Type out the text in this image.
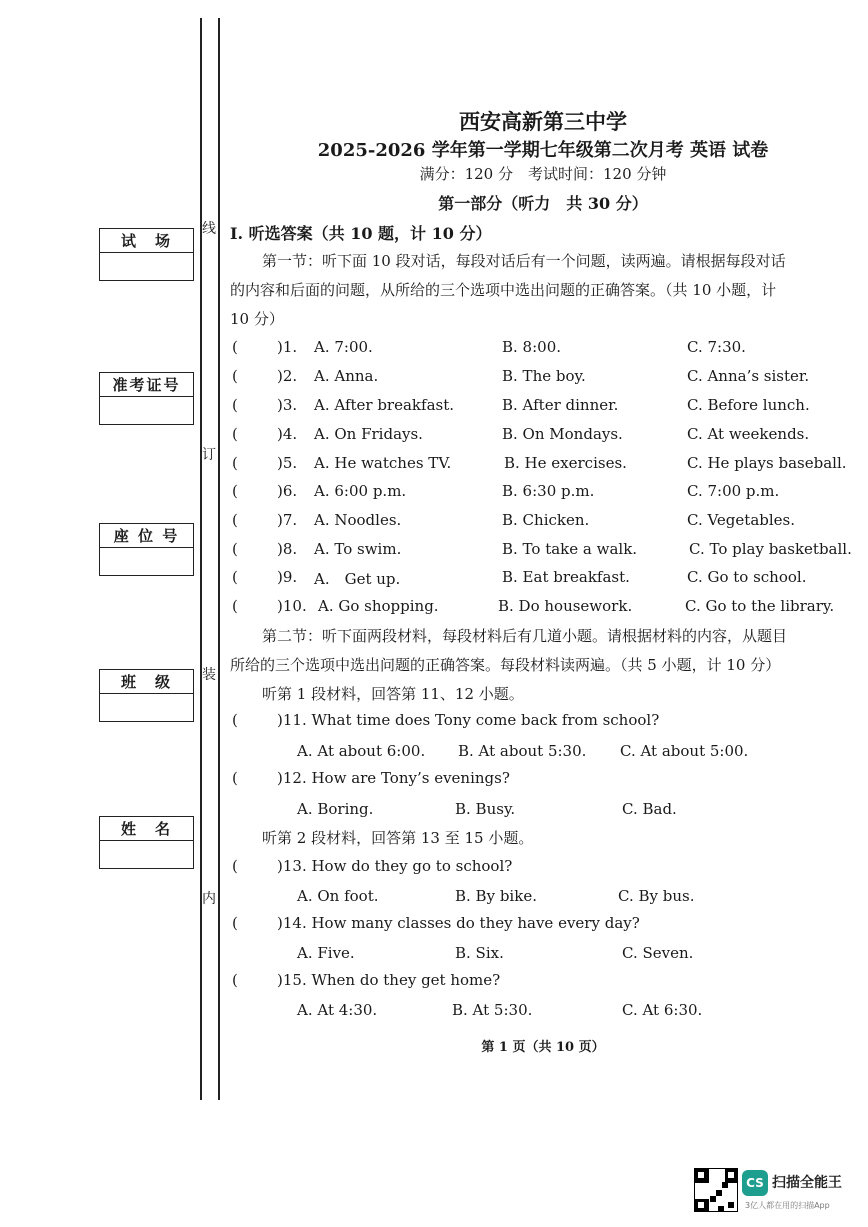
线
订
装
内
试　场
准考证号
座 位 号
班　级
姓　名
西安高新第三中学
2025-2026 学年第一学期七年级第二次月考 英语 试卷
满分：120 分　考试时间：120 分钟
第一部分（听力　共 30 分）
I. 听选答案（共 10 题，计 10 分）
第一节：听下面 10 段对话，每段对话后有一个问题，读两遍。请根据每段对话
的内容和后面的问题，从所给的三个选项中选出问题的正确答案。（共 10 小题，计
10 分）
(	)1. A. 7:00.	B. 8:00.	C. 7:30.
(	)2. A. Anna.	B. The boy.	C. Anna’s sister.
(	)3. A. After breakfast.	B. After dinner.	C. Before lunch.
(	)4. A. On Fridays.	B. On Mondays.	C. At weekends.
(	)5. A. He watches TV.	B. He exercises.	C. He plays baseball.
(	)6. A. 6:00 p.m.	B. 6:30 p.m.	C. 7:00 p.m.
(	)7. A. Noodles.	B. Chicken.	C. Vegetables.
(	)8. A. To swim.	B. To take a walk.	C. To play basketball.
(	)9. A.　Get up.	B. Eat breakfast.	C. Go to school.
(	)10. A. Go shopping.	B. Do housework.	C. Go to the library.
第二节：听下面两段材料，每段材料后有几道小题。请根据材料的内容，从题目
所给的三个选项中选出问题的正确答案。每段材料读两遍。（共 5 小题，计 10 分）
听第 1 段材料，回答第 11、12 小题。
(	)11. What time does Tony come back from school?
A. At about 6:00. B. At about 5:30. C. At about 5:00.
(	)12. How are Tony’s evenings?
A. Boring.	B. Busy.	C. Bad.
听第 2 段材料，回答第 13 至 15 小题。
(	)13. How do they go to school?
A. On foot.	B. By bike.	C. By bus.
(	)14. How many classes do they have every day?
A. Five.	B. Six.	C. Seven.
(	)15. When do they get home?
A. At 4:30.	B. At 5:30.	C. At 6:30.
第 1 页（共 10 页）
CS 扫描全能王
3亿人都在用的扫描App
